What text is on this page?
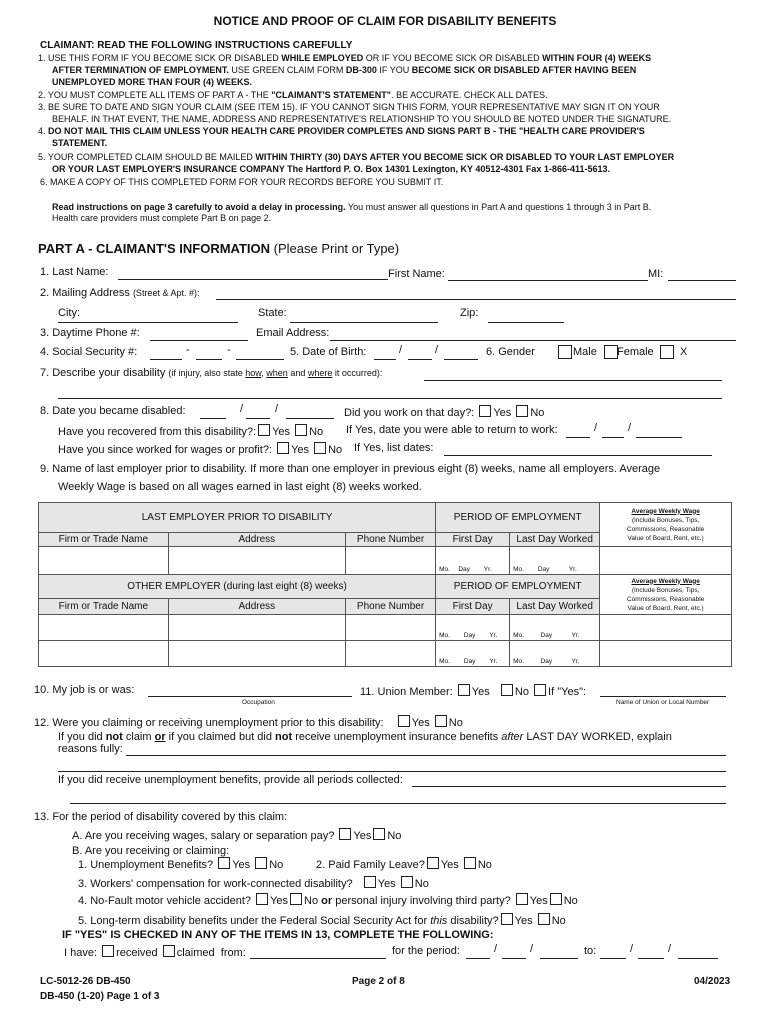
NOTICE AND PROOF OF CLAIM FOR DISABILITY BENEFITS
CLAIMANT: READ THE FOLLOWING INSTRUCTIONS CAREFULLY
1. USE THIS FORM IF YOU BECOME SICK OR DISABLED WHILE EMPLOYED OR IF YOU BECOME SICK OR DISABLED WITHIN FOUR (4) WEEKS
AFTER TERMINATION OF EMPLOYMENT. USE GREEN CLAIM FORM DB-300 IF YOU BECOME SICK OR DISABLED AFTER HAVING BEEN
UNEMPLOYED MORE THAN FOUR (4) WEEKS.
2. YOU MUST COMPLETE ALL ITEMS OF PART A - THE "CLAIMANT'S STATEMENT". BE ACCURATE. CHECK ALL DATES.
3. BE SURE TO DATE AND SIGN YOUR CLAIM (SEE ITEM 15). IF YOU CANNOT SIGN THIS FORM, YOUR REPRESENTATIVE MAY SIGN IT ON YOUR
BEHALF. IN THAT EVENT, THE NAME, ADDRESS AND REPRESENTATIVE'S RELATIONSHIP TO YOU SHOULD BE NOTED UNDER THE SIGNATURE.
4. DO NOT MAIL THIS CLAIM UNLESS YOUR HEALTH CARE PROVIDER COMPLETES AND SIGNS PART B - THE "HEALTH CARE PROVIDER'S
STATEMENT.
5. YOUR COMPLETED CLAIM SHOULD BE MAILED WITHIN THIRTY (30) DAYS AFTER YOU BECOME SICK OR DISABLED TO YOUR LAST EMPLOYER
OR YOUR LAST EMPLOYER'S INSURANCE COMPANY The Hartford P. O. Box 14301 Lexington, KY 40512-4301 Fax 1-866-411-5613.
6. MAKE A COPY OF THIS COMPLETED FORM FOR YOUR RECORDS BEFORE YOU SUBMIT IT.
Read instructions on page 3 carefully to avoid a delay in processing. You must answer all questions in Part A and questions 1 through 3 in Part B.
Health care providers must complete Part B on page 2.
PART A - CLAIMANT'S INFORMATION (Please Print or Type)
1. Last Name:	First Name:	MI:
2. Mailing Address (Street & Apt. #):
City:	State:	Zip:
3. Daytime Phone #:	Email Address:
4. Social Security #:	-	-	5. Date of Birth:	/	/	6. Gender	Male Female X
7. Describe your disability (if injury, also state how, when and where it occurred):
8. Date you became disabled:	/	/	Did you work on that day?: Yes No
Have you recovered from this disability?: Yes No If Yes, date you were able to return to work:	/	/
Have you since worked for wages or profit?: Yes No If Yes, list dates:
9. Name of last employer prior to disability. If more than one employer in previous eight (8) weeks, name all employers. Average
Weekly Wage is based on all wages earned in last eight (8) weeks worked.
LAST EMPLOYER PRIOR TO DISABILITY			PERIOD OF EMPLOYMENT		Average Weekly Wage
(Include Bonuses, Tips,
Commissions, Reasonable
Value of Board, Rent, etc.)

Firm or Trade Name	Address	Phone Number	First Day	Last Day Worked	
			Mo. Day Yr.	Mo. Day Yr.	
OTHER EMPLOYER (during last eight (8) weeks)			PERIOD OF EMPLOYMENT		Average Weekly Wage
(Include Bonuses, Tips,
Commissions, Reasonable
Value of Board, Rent, etc.)

Firm or Trade Name	Address	Phone Number	First Day	Last Day Worked	
			Mo. Day Yr.	Mo. Day Yr.	
			Mo. Day Yr.	Mo. Day Yr.	
10. My job is or was:
Occupation
11. Union Member: Yes No If "Yes":
Name of Union or Local Number
12. Were you claiming or receiving unemployment prior to this disability:	Yes No
If you did not claim or if you claimed but did not receive unemployment insurance benefits after LAST DAY WORKED, explain
reasons fully:
If you did receive unemployment benefits, provide all periods collected:
13. For the period of disability covered by this claim:
A. Are you receiving wages, salary or separation pay? Yes No
B. Are you receiving or claiming:
1. Unemployment Benefits? Yes No	2. Paid Family Leave? Yes No
3. Workers' compensation for work-connected disability? Yes No
4. No-Fault motor vehicle accident? Yes No or personal injury involving third party? Yes No
5. Long-term disability benefits under the Federal Social Security Act for this disability? Yes No
IF "YES" IS CHECKED IN ANY OF THE ITEMS IN 13, COMPLETE THE FOLLOWING:
I have: received claimed from:	for the period:	/	/	to:	/	/
LC-5012-26 DB-450
DB-450 (1-20) Page 1 of 3
Page 2 of 8	04/2023
